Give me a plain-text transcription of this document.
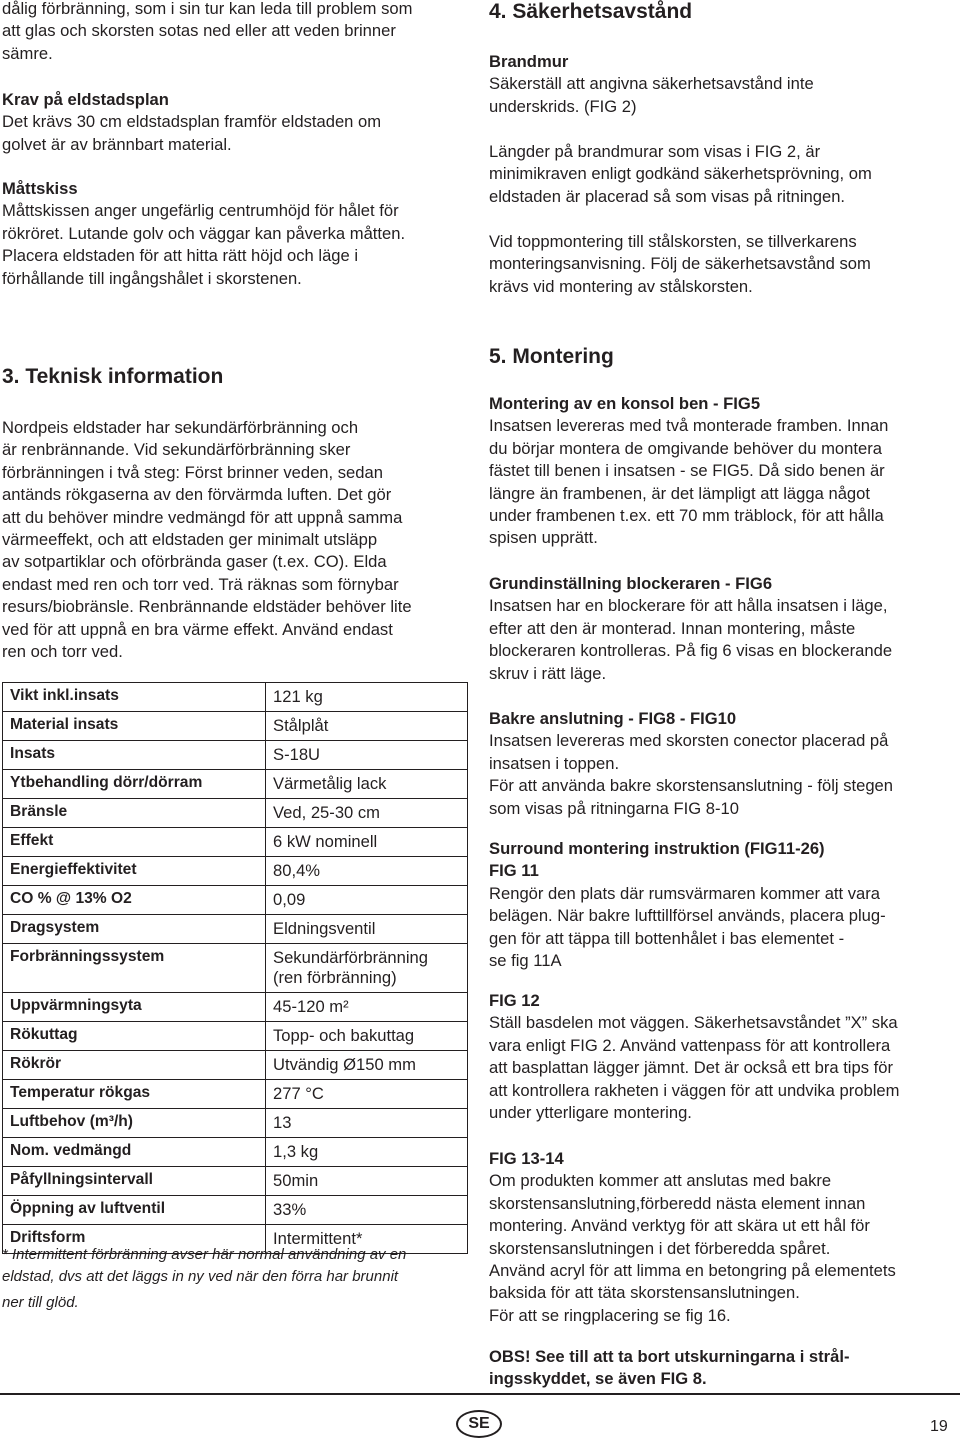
dålig förbränning, som i sin tur kan leda till problem som
att glas och skorsten sotas ned eller att veden brinner
sämre.

Krav på eldstadsplan
Det krävs 30 cm eldstadsplan framför eldstaden om
golvet är av brännbart material.

Måttskiss
Måttskissen anger ungefärlig centrumhöjd för hålet för
rökröret. Lutande golv och väggar kan påverka måtten.
Placera eldstaden för att hitta rätt höjd och läge i
förhållande till ingångshålet i skorstenen.

3. Teknisk information

Nordpeis eldstader har sekundärförbränning och
är renbrännande. Vid sekundärförbränning sker
förbränningen i två steg: Först brinner veden, sedan
antänds rökgaserna av den förvärmda luften. Det gör
att du behöver mindre vedmängd för att uppnå samma
värmeeffekt, och att eldstaden ger minimalt utsläpp
av sotpartiklar och oförbrända gaser (t.ex. CO). Elda
endast med ren och torr ved. Trä räknas som förnybar
resurs/biobränsle. Renbrännande eldstäder behöver lite
ved för att uppnå en bra värme effekt. Använd endast
ren och torr ved.

Vikt inkl.insats	121 kg
Material insats	Stålplåt
Insats	S-18U
Ytbehandling dörr/dörram	Värmetålig lack
Bränsle	Ved, 25-30 cm
Effekt	6 kW nominell
Energieffektivitet	80,4%
CO % @ 13% O2	0,09
Dragsystem	Eldningsventil
Forbränningssystem	Sekundärförbränning
(ren förbränning)
Uppvärmningsyta	45-120 m²
Rökuttag	Topp- och bakuttag
Rökrör	Utvändig Ø150 mm
Temperatur rökgas	277 °C
Luftbehov (m³/h)	13
Nom. vedmängd	1,3 kg
Påfyllningsintervall	50min
Öppning av luftventil	33%
Driftsform	Intermittent*

* Intermittent förbränning avser här normal användning av en
eldstad, dvs att det läggs in ny ved när den förra har brunnit
ner till glöd.

4. Säkerhetsavstånd

Brandmur
Säkerställ att angivna säkerhetsavstånd inte
underskrids. (FIG 2)

Längder på brandmurar som visas i FIG 2, är
minimikraven enligt godkänd säkerhetsprövning, om
eldstaden är placerad så som visas på ritningen.

Vid toppmontering till stålskorsten, se tillverkarens
monteringsanvisning. Följ de säkerhetsavstånd som
krävs vid montering av stålskorsten.

5. Montering

Montering av en konsol ben - FIG5
Insatsen levereras med två monterade framben. Innan
du börjar montera de omgivande behöver du montera
fästet till benen i insatsen - se FIG5. Då sido benen är
längre än frambenen, är det lämpligt att lägga något
under frambenen t.ex. ett 70 mm träblock, för att hålla
spisen upprätt.

Grundinställning blockeraren - FIG6
Insatsen har en blockerare för att hålla insatsen i läge,
efter att den är monterad. Innan montering, måste
blockeraren kontrolleras. På fig 6 visas en blockerande
skruv i rätt läge.

Bakre anslutning - FIG8 - FIG10
Insatsen levereras med skorsten conector placerad på
insatsen i toppen.
För att använda bakre skorstensanslutning - följ stegen
som visas på ritningarna FIG 8-10

Surround montering instruktion (FIG11-26)
FIG 11
Rengör den plats där rumsvärmaren kommer att vara
belägen. När bakre lufttillförsel används, placera plug-
gen för att täppa till bottenhålet i bas elementet -
se fig 11A

FIG 12
Ställ basdelen mot väggen. Säkerhetsavståndet ”X” ska
vara enligt FIG 2. Använd vattenpass för att kontrollera
att basplattan lägger jämnt. Det är också ett bra tips för
att kontrollera rakheten i väggen för att undvika problem
under ytterligare montering.

FIG 13-14
Om produkten kommer att anslutas med bakre
skorstensanslutning,förberedd nästa element innan
montering. Använd verktyg för att skära ut ett hål för
skorstensanslutningen i det förberedda spåret.
Använd acryl för att limma en betongring på elementets
baksida för att täta skorstensanslutningen.
För att se ringplacering se fig 16.

OBS! See till att ta bort utskurningarna i strål-
ingsskyddet, se även FIG 8.

SE	19
